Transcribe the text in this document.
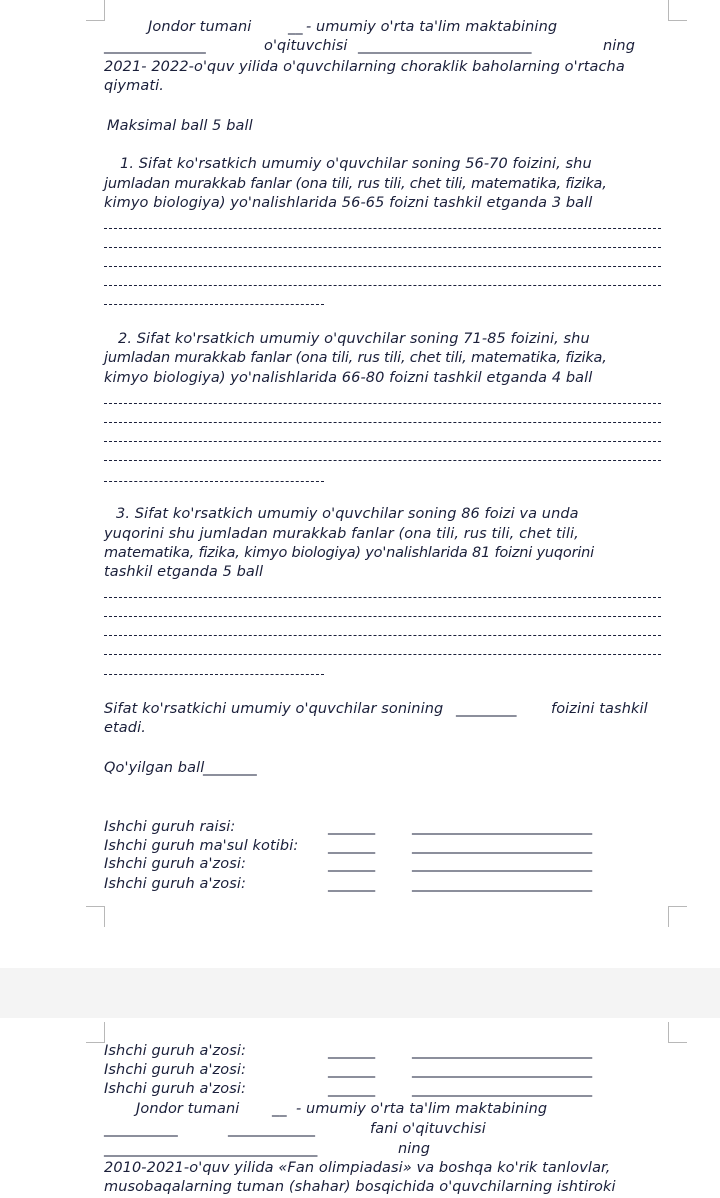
Jondor tumani	__ - umumiy o'rta ta'lim maktabining
_______________	o'qituvchisi __________________________	ning
2021- 2022-o'quv yilida o'quvchilarning choraklik baholarning o'rtacha
qiymati.
Maksimal ball 5 ball
1. Sifat ko'rsatkich umumiy o'quvchilar soning 56-70 foizini, shu
jumladan murakkab fanlar (ona tili, rus tili, chet tili, matematika, fizika,
kimyo biologiya) yo'nalishlarida 56-65 foizni tashkil etganda 3 ball
2. Sifat ko'rsatkich umumiy o'quvchilar soning 71-85 foizini, shu
jumladan murakkab fanlar (ona tili, rus tili, chet tili, matematika, fizika,
kimyo biologiya) yo'nalishlarida 66-80 foizni tashkil etganda 4 ball
3. Sifat ko'rsatkich umumiy o'quvchilar soning 86 foizi va unda
yuqorini shu jumladan murakkab fanlar (ona tili, rus tili, chet tili,
matematika, fizika, kimyo biologiya) yo'nalishlarida 81 foizni yuqorini
tashkil etganda 5 ball
Sifat ko'rsatkichi umumiy o'quvchilar sonining _________ foizini tashkil
etadi.
Qo'yilgan ball
________
Ishchi guruh raisi:	_______	___________________________
Ishchi guruh ma'sul kotibi: _______	___________________________
Ishchi guruh a'zosi:	_______	___________________________
Ishchi guruh a'zosi:	_______	___________________________
Ishchi guruh a'zosi:	_______	___________________________
Ishchi guruh a'zosi:	_______	___________________________
Ishchi guruh a'zosi:	_______	___________________________
Jondor tumani __ - umumiy o'rta ta'lim maktabining
___________	_____________	fani o'qituvchisi
________________________________	ning
2010-2021-o'quv yilida «Fan olimpiadasi» va boshqa ko'rik tanlovlar,
musobaqalarning tuman (shahar) bosqichida o'quvchilarning ishtiroki
